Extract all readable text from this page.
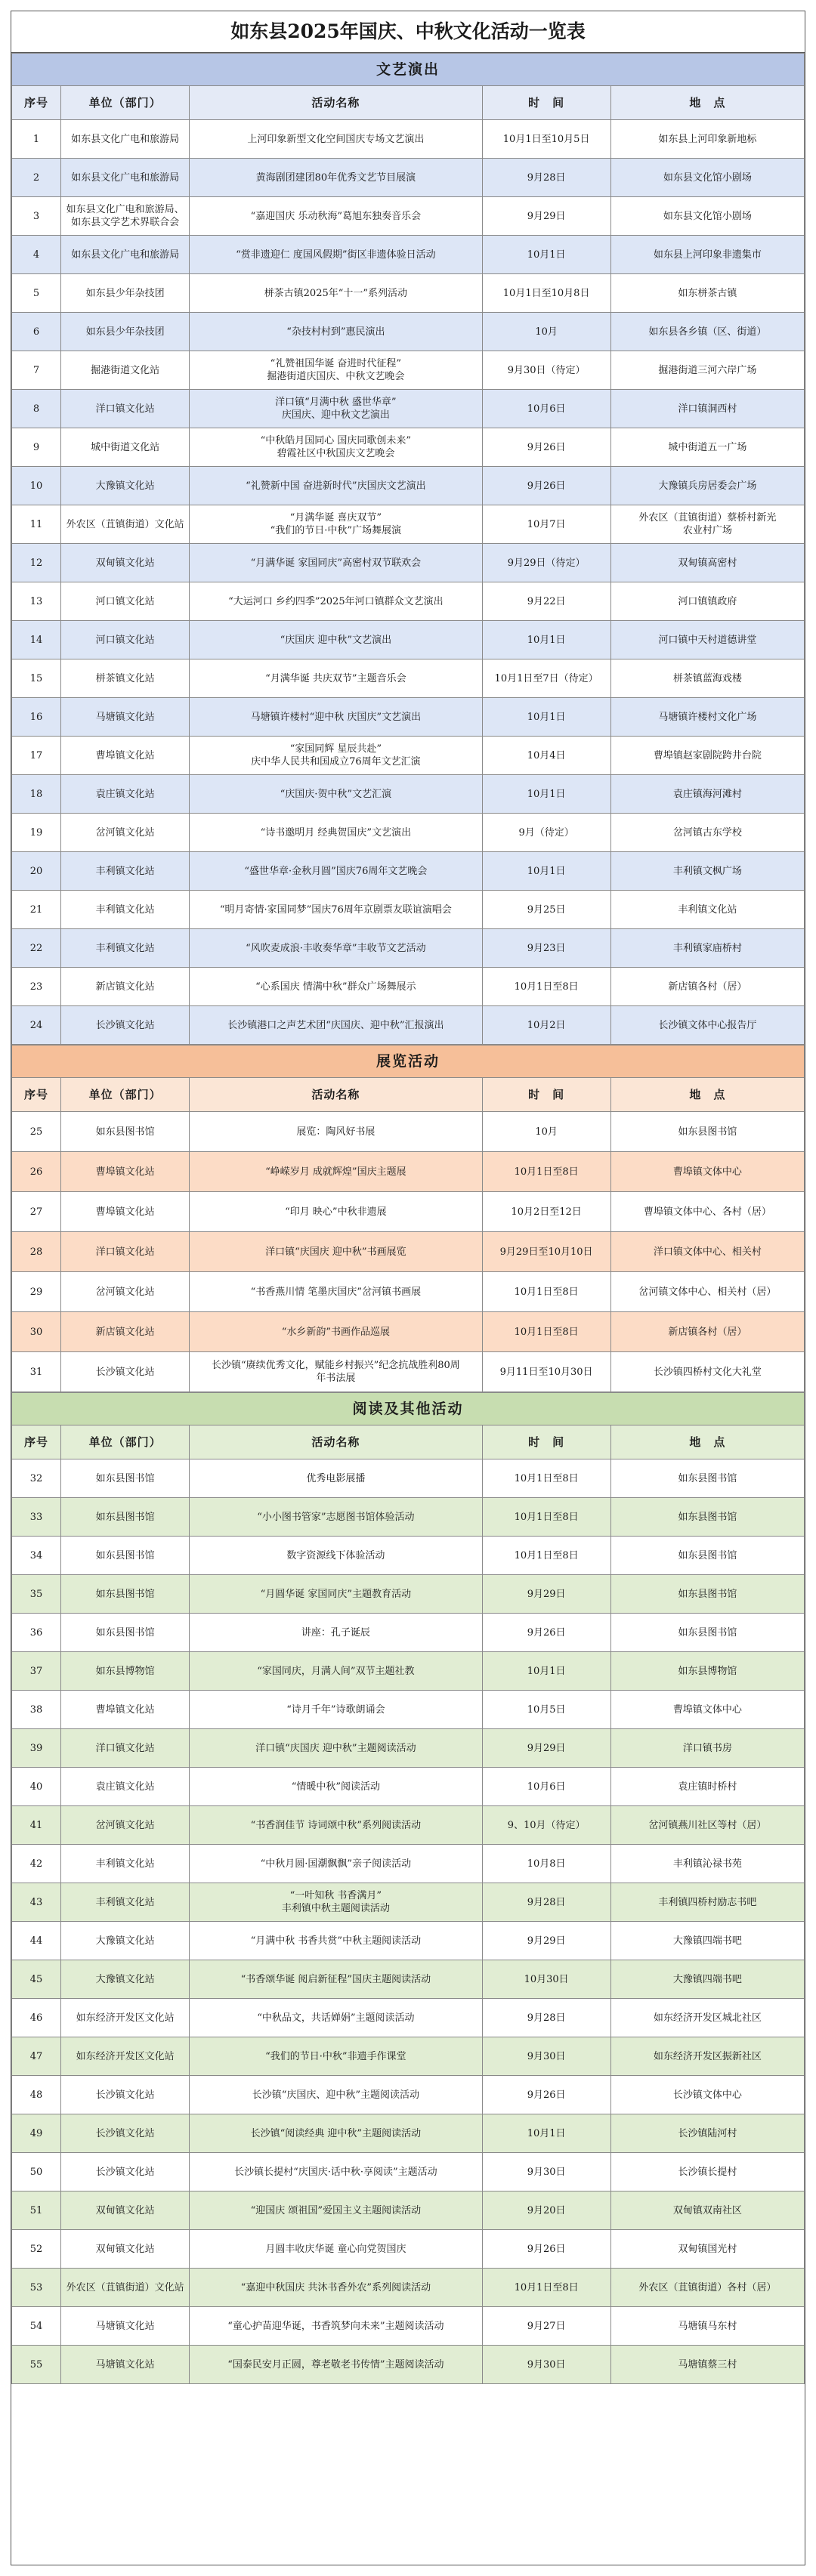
如东县2025年国庆、中秋文化活动一览表
文艺演出				
序号	单位（部门）	活动名称	时　间	地　点
1	如东县文化广电和旅游局	上河印象新型文化空间国庆专场文艺演出	10月1日至10月5日	如东县上河印象新地标
2	如东县文化广电和旅游局	黄海剧团建团80年优秀文艺节目展演	9月28日	如东县文化馆小剧场
3	如东县文化广电和旅游局、
如东县文学艺术界联合会	“嘉迎国庆 乐动秋海”葛旭东独奏音乐会	9月29日	如东县文化馆小剧场
4	如东县文化广电和旅游局	“赏非遗迎仁 度国风假期”街区非遗体验日活动	10月1日	如东县上河印象非遗集市
5	如东县少年杂技团	栟茶古镇2025年“十一”系列活动	10月1日至10月8日	如东栟茶古镇
6	如东县少年杂技团	“杂技村村到”惠民演出	10月	如东县各乡镇（区、街道）
7	掘港街道文化站	“礼赞祖国华诞 奋进时代征程”
掘港街道庆国庆、中秋文艺晚会	9月30日（待定）	掘港街道三河六岸广场
8	洋口镇文化站	洋口镇“月满中秋 盛世华章”
庆国庆、迎中秋文艺演出	10月6日	洋口镇洞西村
9	城中街道文化站	“中秋皓月国同心 国庆同歌创未来”
碧霞社区中秋国庆文艺晚会	9月26日	城中街道五一广场
10	大豫镇文化站	“礼赞新中国 奋进新时代”庆国庆文艺演出	9月26日	大豫镇兵房居委会广场
11	外农区（苴镇街道）文化站	“月满华诞 喜庆双节”
“我们的节日·中秋”广场舞展演	10月7日	外农区（苴镇街道）蔡桥村新光
农业村广场
12	双甸镇文化站	“月满华诞 家国同庆”高密村双节联欢会	9月29日（待定）	双甸镇高密村
13	河口镇文化站	“大运河口 乡约四季”2025年河口镇群众文艺演出	9月22日	河口镇镇政府
14	河口镇文化站	“庆国庆 迎中秋”文艺演出	10月1日	河口镇中天村道德讲堂
15	栟茶镇文化站	“月满华诞 共庆双节”主题音乐会	10月1日至7日（待定）	栟茶镇蓝海戏楼
16	马塘镇文化站	马塘镇许楼村“迎中秋 庆国庆”文艺演出	10月1日	马塘镇许楼村文化广场
17	曹埠镇文化站	“家国同辉 星辰共赴”
庆中华人民共和国成立76周年文艺汇演	10月4日	曹埠镇赵家剧院跨井台院
18	袁庄镇文化站	“庆国庆·贺中秋”文艺汇演	10月1日	袁庄镇海河滩村
19	岔河镇文化站	“诗书邀明月 经典贺国庆”文艺演出	9月（待定）	岔河镇古东学校
20	丰利镇文化站	“盛世华章·金秋月圆”国庆76周年文艺晚会	10月1日	丰利镇文枫广场
21	丰利镇文化站	“明月寄情·家国同梦”国庆76周年京剧票友联谊演唱会	9月25日	丰利镇文化站
22	丰利镇文化站	“风吹麦成浪·丰收奏华章”丰收节文艺活动	9月23日	丰利镇家庙桥村
23	新店镇文化站	“心系国庆 情满中秋”群众广场舞展示	10月1日至8日	新店镇各村（居）
24	长沙镇文化站	长沙镇港口之声艺术团“庆国庆、迎中秋”汇报演出	10月2日	长沙镇文体中心报告厅
展览活动				
序号	单位（部门）	活动名称	时　间	地　点
25	如东县图书馆	展览：陶风好书展	10月	如东县图书馆
26	曹埠镇文化站	“峥嵘岁月 成就辉煌”国庆主题展	10月1日至8日	曹埠镇文体中心
27	曹埠镇文化站	“印月 映心”中秋非遗展	10月2日至12日	曹埠镇文体中心、各村（居）
28	洋口镇文化站	洋口镇“庆国庆 迎中秋”书画展览	9月29日至10月10日	洋口镇文体中心、相关村
29	岔河镇文化站	“书香燕川情 笔墨庆国庆”岔河镇书画展	10月1日至8日	岔河镇文体中心、相关村（居）
30	新店镇文化站	“水乡新韵”书画作品巡展	10月1日至8日	新店镇各村（居）
31	长沙镇文化站	长沙镇“赓续优秀文化，赋能乡村振兴”纪念抗战胜利80周
年书法展	9月11日至10月30日	长沙镇四桥村文化大礼堂
阅读及其他活动				
序号	单位（部门）	活动名称	时　间	地　点
32	如东县图书馆	优秀电影展播	10月1日至8日	如东县图书馆
33	如东县图书馆	“小小图书管家”志愿图书馆体验活动	10月1日至8日	如东县图书馆
34	如东县图书馆	数字资源线下体验活动	10月1日至8日	如东县图书馆
35	如东县图书馆	“月圆华诞 家国同庆”主题教育活动	9月29日	如东县图书馆
36	如东县图书馆	讲座：孔子诞辰	9月26日	如东县图书馆
37	如东县博物馆	“家国同庆，月满人间”双节主题社教	10月1日	如东县博物馆
38	曹埠镇文化站	“诗月千年”诗歌朗诵会	10月5日	曹埠镇文体中心
39	洋口镇文化站	洋口镇“庆国庆 迎中秋”主题阅读活动	9月29日	洋口镇书房
40	袁庄镇文化站	“情暖中秋”阅读活动	10月6日	袁庄镇时桥村
41	岔河镇文化站	“书香润佳节 诗词颂中秋”系列阅读活动	9、10月（待定）	岔河镇燕川社区等村（居）
42	丰利镇文化站	“中秋月圆·国潮飘飘”亲子阅读活动	10月8日	丰利镇沁禄书苑
43	丰利镇文化站	“一叶知秋 书香满月”
丰利镇中秋主题阅读活动	9月28日	丰利镇四桥村励志书吧
44	大豫镇文化站	“月满中秋 书香共赏”中秋主题阅读活动	9月29日	大豫镇四端书吧
45	大豫镇文化站	“书香颂华诞 阅启新征程”国庆主题阅读活动	10月30日	大豫镇四端书吧
46	如东经济开发区文化站	“中秋品文，共话婵娟”主题阅读活动	9月28日	如东经济开发区城北社区
47	如东经济开发区文化站	“我们的节日·中秋”非遗手作课堂	9月30日	如东经济开发区振新社区
48	长沙镇文化站	长沙镇“庆国庆、迎中秋”主题阅读活动	9月26日	长沙镇文体中心
49	长沙镇文化站	长沙镇“阅读经典 迎中秋”主题阅读活动	10月1日	长沙镇陆河村
50	长沙镇文化站	长沙镇长提村“庆国庆·话中秋·享阅读”主题活动	9月30日	长沙镇长提村
51	双甸镇文化站	“迎国庆 颂祖国”爱国主义主题阅读活动	9月20日	双甸镇双南社区
52	双甸镇文化站	月圆丰收庆华诞 童心向党贺国庆	9月26日	双甸镇国光村
53	外农区（苴镇街道）文化站	“嘉迎中秋国庆 共沐书香外农”系列阅读活动	10月1日至8日	外农区（苴镇街道）各村（居）
54	马塘镇文化站	“童心护苗迎华诞，书香筑梦向未来”主题阅读活动	9月27日	马塘镇马东村
55	马塘镇文化站	“国泰民安月正圆，尊老敬老书传情”主题阅读活动	9月30日	马塘镇蔡三村
